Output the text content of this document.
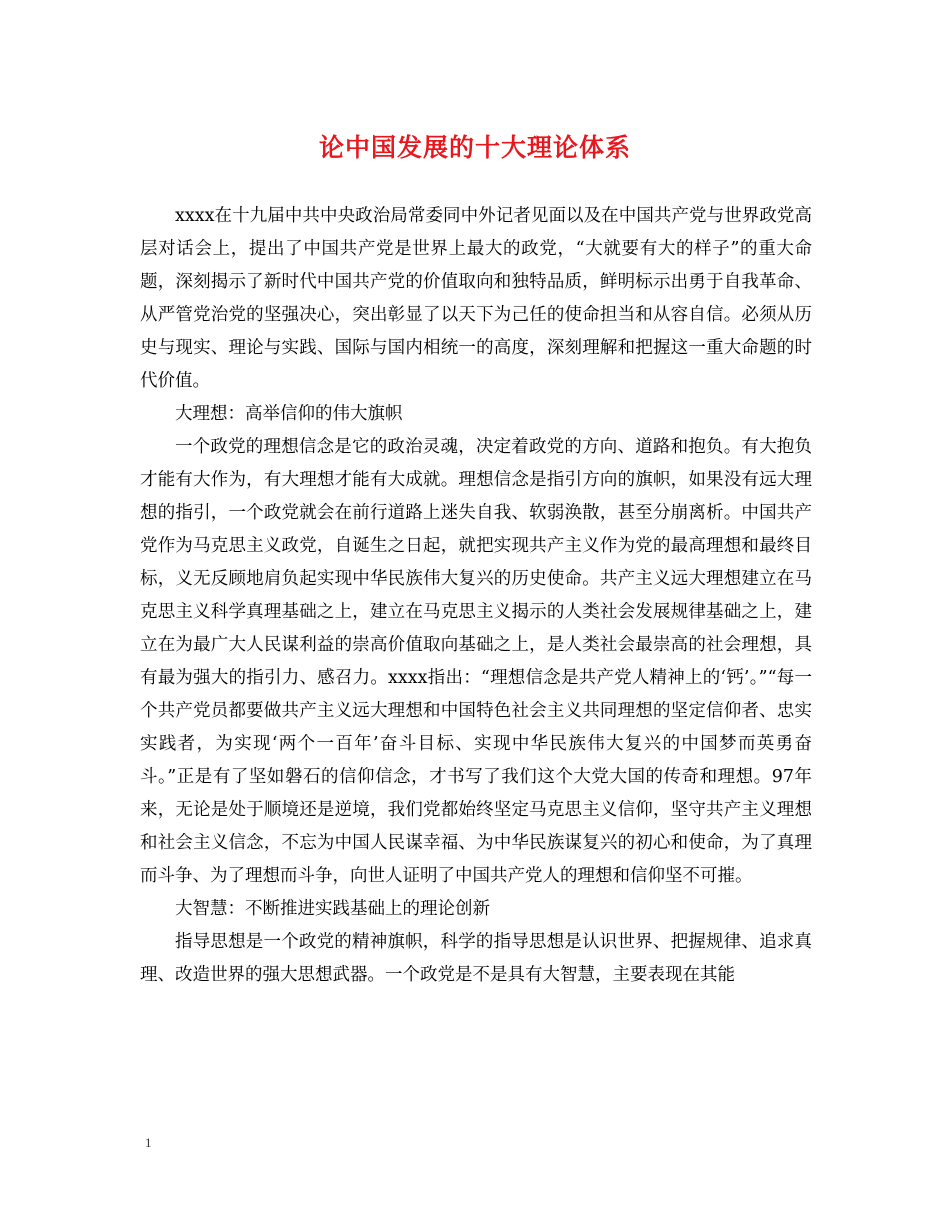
论中国发展的十大理论体系

xxxx在十九届中共中央政治局常委同中外记者见面以及在中国共产党与世界政党高层对话会上，提出了中国共产党是世界上最大的政党，“大就要有大的样子”的重大命题，深刻揭示了新时代中国共产党的价值取向和独特品质，鲜明标示出勇于自我革命、从严管党治党的坚强决心，突出彰显了以天下为己任的使命担当和从容自信。必须从历史与现实、理论与实践、国际与国内相统一的高度，深刻理解和把握这一重大命题的时代价值。

大理想：高举信仰的伟大旗帜

一个政党的理想信念是它的政治灵魂，决定着政党的方向、道路和抱负。有大抱负才能有大作为，有大理想才能有大成就。理想信念是指引方向的旗帜，如果没有远大理想的指引，一个政党就会在前行道路上迷失自我、软弱涣散，甚至分崩离析。中国共产党作为马克思主义政党，自诞生之日起，就把实现共产主义作为党的最高理想和最终目标，义无反顾地肩负起实现中华民族伟大复兴的历史使命。共产主义远大理想建立在马克思主义科学真理基础之上，建立在马克思主义揭示的人类社会发展规律基础之上，建立在为最广大人民谋利益的崇高价值取向基础之上，是人类社会最崇高的社会理想，具有最为强大的指引力、感召力。xxxx指出：“理想信念是共产党人精神上的‘钙’。”“每一个共产党员都要做共产主义远大理想和中国特色社会主义共同理想的坚定信仰者、忠实实践者，为实现‘两个一百年’奋斗目标、实现中华民族伟大复兴的中国梦而英勇奋斗。”正是有了坚如磐石的信仰信念，才书写了我们这个大党大国的传奇和理想。97年来，无论是处于顺境还是逆境，我们党都始终坚定马克思主义信仰，坚守共产主义理想和社会主义信念，不忘为中国人民谋幸福、为中华民族谋复兴的初心和使命，为了真理而斗争、为了理想而斗争，向世人证明了中国共产党人的理想和信仰坚不可摧。

大智慧：不断推进实践基础上的理论创新

指导思想是一个政党的精神旗帜，科学的指导思想是认识世界、把握规律、追求真理、改造世界的强大思想武器。一个政党是不是具有大智慧，主要表现在其能

1
